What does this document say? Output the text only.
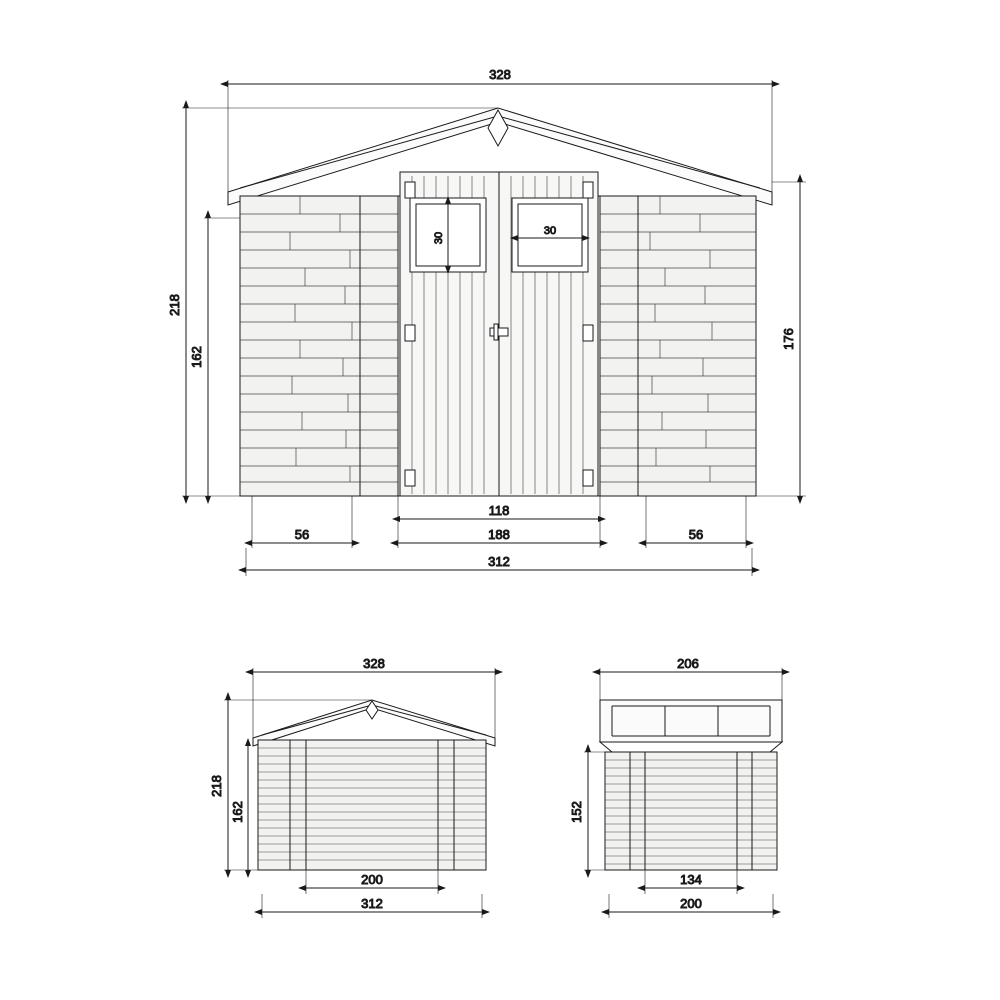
328
218
162
176
30
30
118
188
56	56
312
328
218
162
200
312
206
152
134
200
